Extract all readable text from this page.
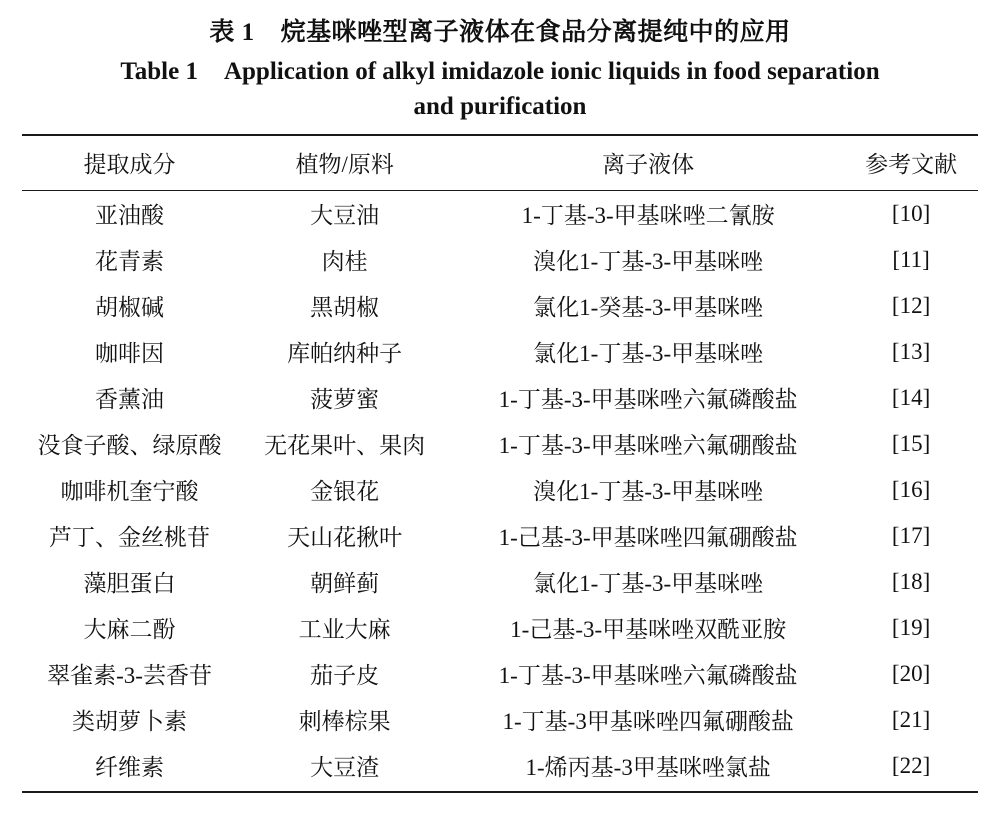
表 1 烷基咪唑型离子液体在食品分离提纯中的应用
Table 1 Application of alkyl imidazole ionic liquids in food separation
and purification
提取成分	植物/原料	离子液体	参考文献
亚油酸	大豆油	1-丁基-3-甲基咪唑二氰胺	[10]
花青素	肉桂	溴化1-丁基-3-甲基咪唑	[11]
胡椒碱	黑胡椒	氯化1-癸基-3-甲基咪唑	[12]
咖啡因	库帕纳种子	氯化1-丁基-3-甲基咪唑	[13]
香薰油	菠萝蜜	1-丁基-3-甲基咪唑六氟磷酸盐	[14]
没食子酸、绿原酸	无花果叶、果肉	1-丁基-3-甲基咪唑六氟硼酸盐	[15]
咖啡机奎宁酸	金银花	溴化1-丁基-3-甲基咪唑	[16]
芦丁、金丝桃苷	天山花揪叶	1-己基-3-甲基咪唑四氟硼酸盐	[17]
藻胆蛋白	朝鲜蓟	氯化1-丁基-3-甲基咪唑	[18]
大麻二酚	工业大麻	1-己基-3-甲基咪唑双酰亚胺	[19]
翠雀素-3-芸香苷	茄子皮	1-丁基-3-甲基咪唑六氟磷酸盐	[20]
类胡萝卜素	刺棒棕果	1-丁基-3甲基咪唑四氟硼酸盐	[21]
纤维素	大豆渣	1-烯丙基-3甲基咪唑氯盐	[22]
